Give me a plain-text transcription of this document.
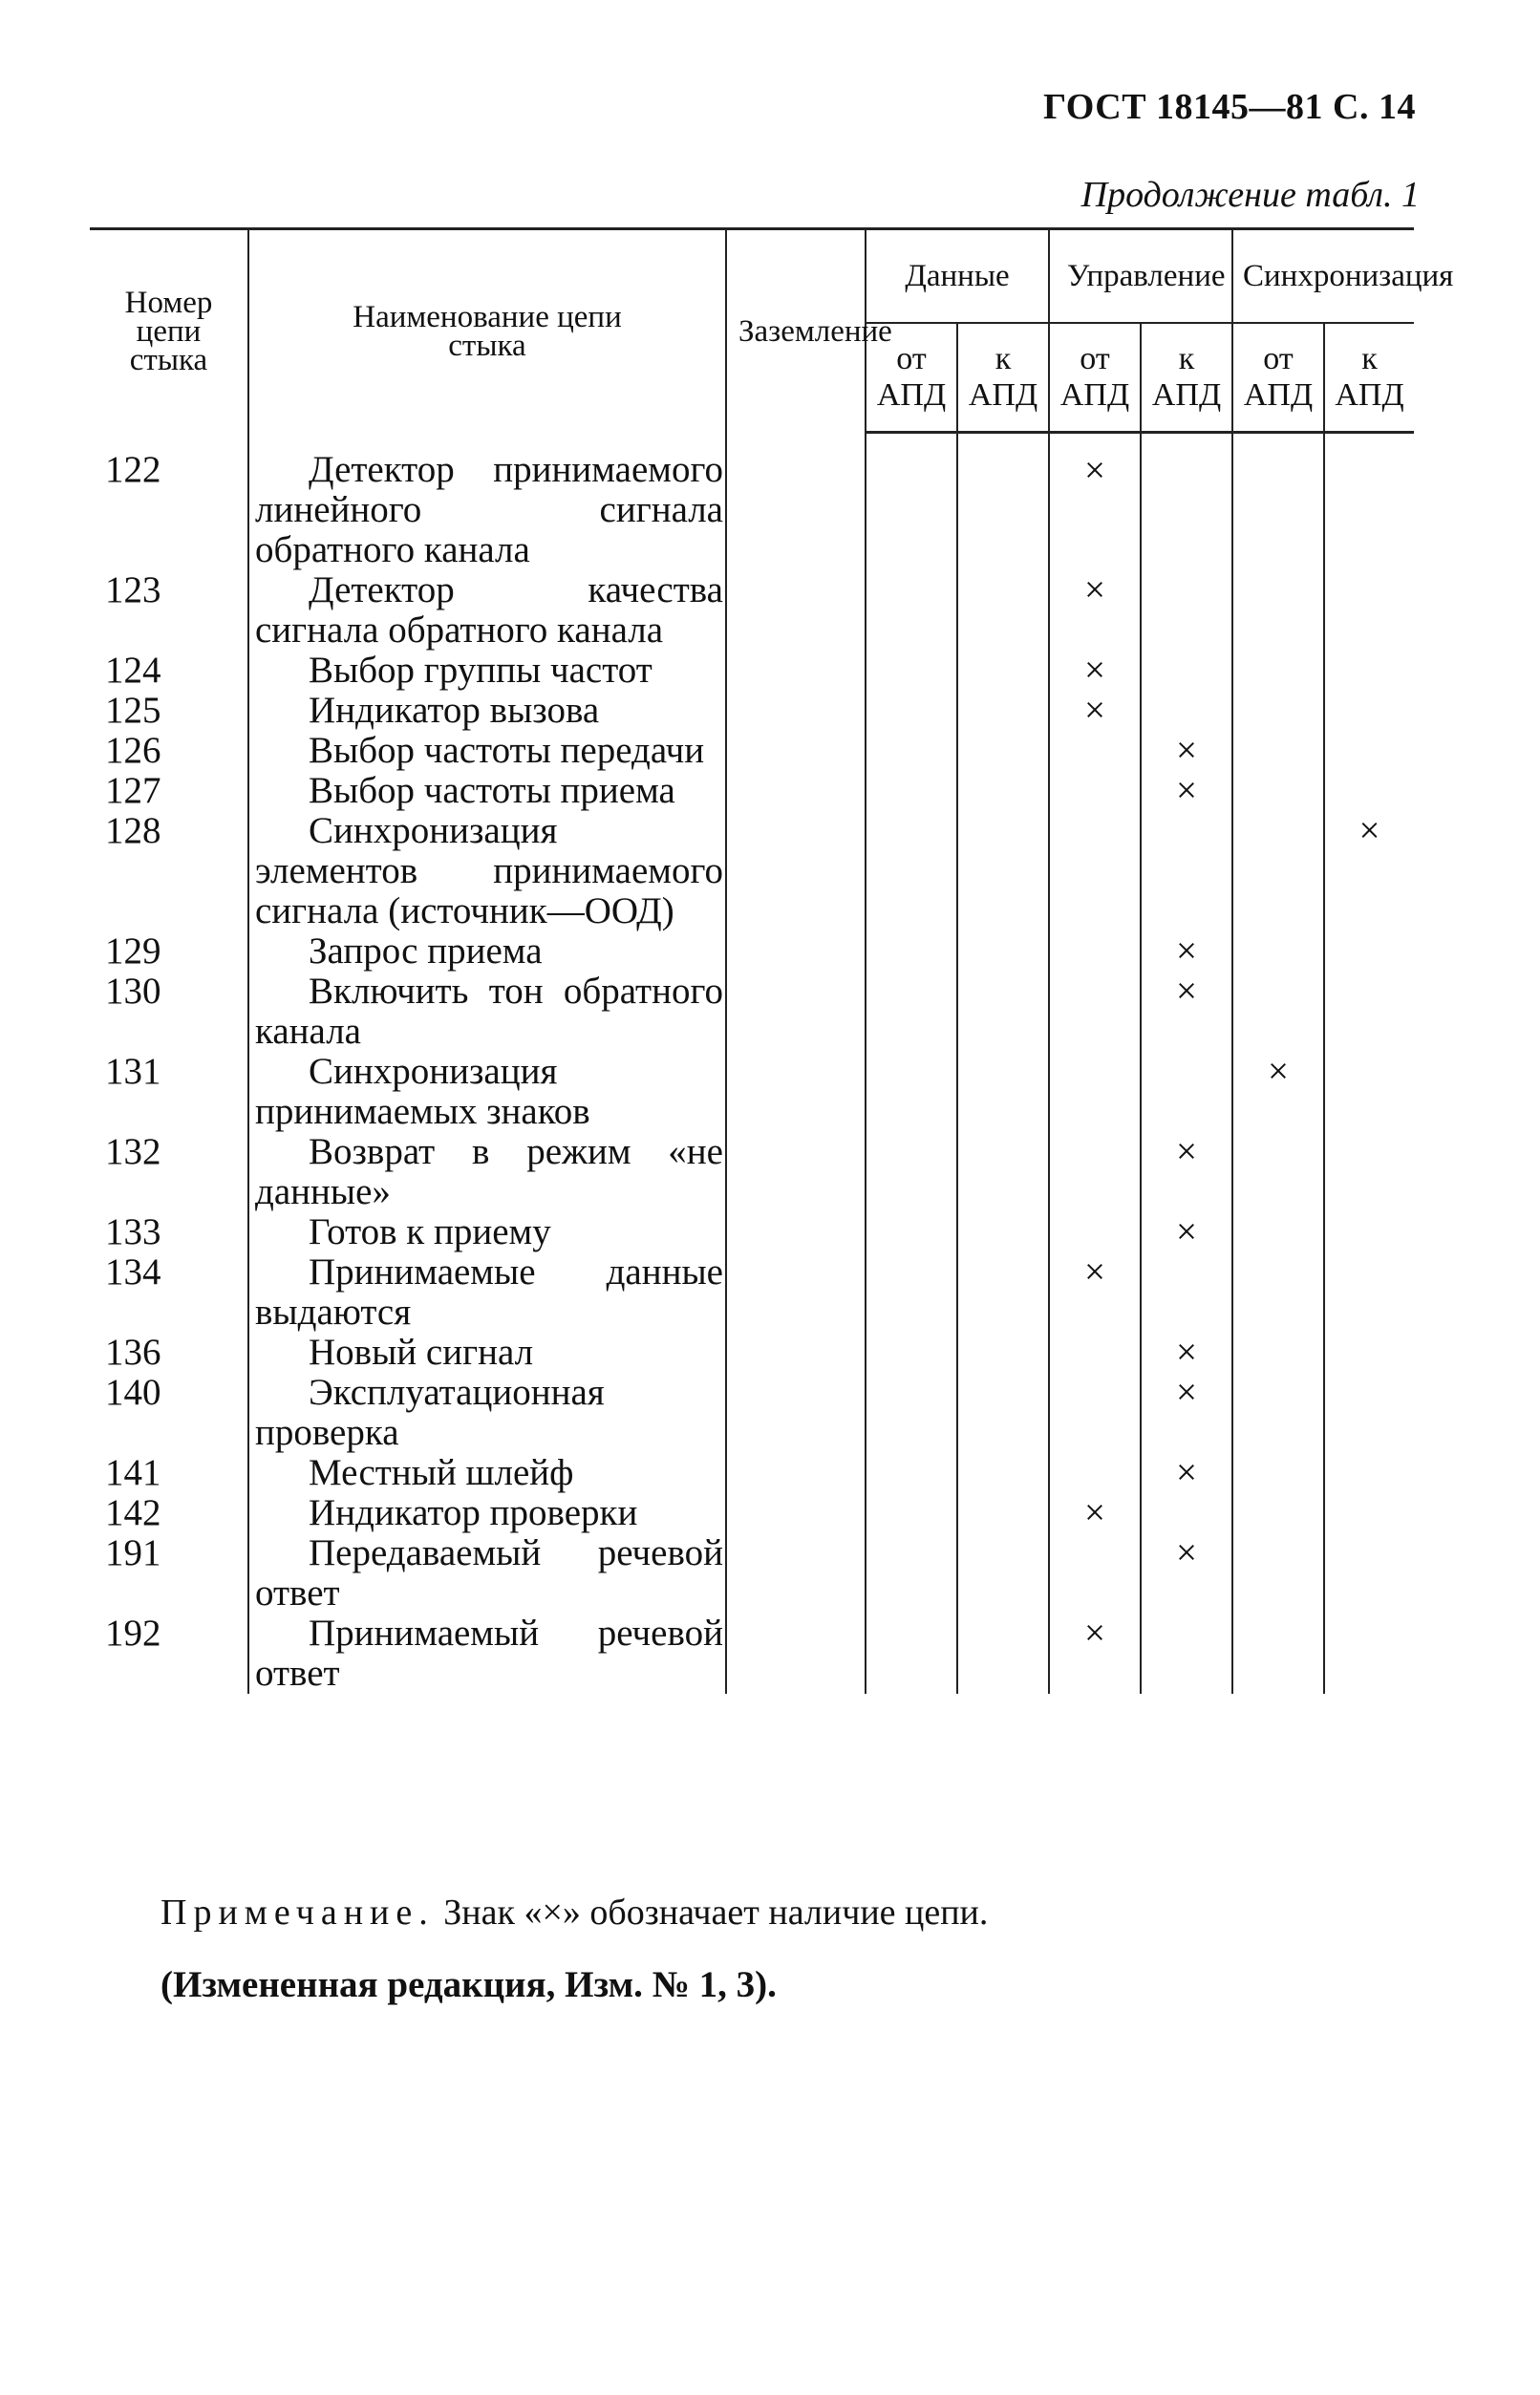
ГОСТ 18145—81 С. 14
Продолжение табл. 1
Номер цепи стыка	Наименование цепи стыка	Заземление	Данные		Управление		Синхронизация	
			от АПД	к АПД	от АПД	к АПД	от АПД	к АПД
122	Детектор принимаемого линейного сигнала обратного канала				×			
123	Детектор качества сигнала обратного канала				×			
124	Выбор группы частот				×			
125	Индикатор вызова				×			
126	Выбор частоты передачи					×		
127	Выбор частоты приема					×		
128	Синхронизация элементов принимаемого сигнала (источник—ООД)							×
129	Запрос приема					×		
130	Включить тон обратного канала					×		
131	Синхронизация принимаемых знаков						×	
132	Возврат в режим «не данные»					×		
133	Готов к приему					×		
134	Принимаемые данные выдаются				×			
136	Новый сигнал					×		
140	Эксплуатационная проверка					×		
141	Местный шлейф					×		
142	Индикатор проверки				×			
191	Передаваемый речевой ответ					×		
192	Принимаемый речевой ответ				×			
Примечание. Знак «×» обозначает наличие цепи.
(Измененная редакция, Изм. № 1, 3).
